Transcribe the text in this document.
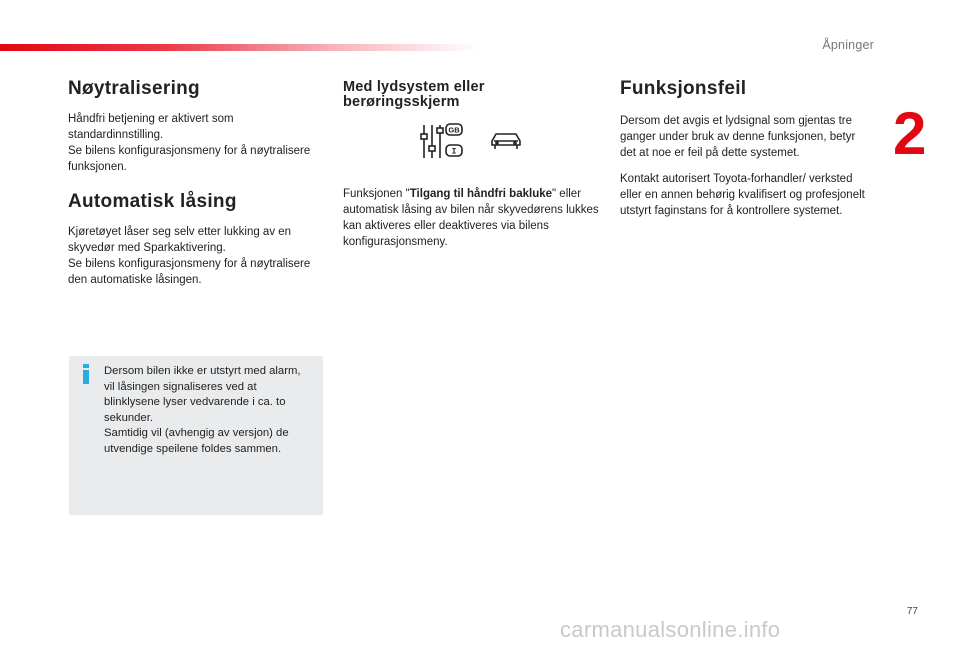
Åpninger
2
Nøytralisering

Håndfri betjening er aktivert som standardinnstilling.

Se bilens konfigurasjonsmeny for å nøytralisere funksjonen.

Automatisk låsing

Kjøretøyet låser seg selv etter lukking av en skyvedør med Sparkaktivering.

Se bilens konfigurasjonsmeny for å nøytralisere den automatiske låsingen.

Med lydsystem eller berøringsskjerm
GB
I

Funksjonen "Tilgang til håndfri bakluke" eller automatisk låsing av bilen når skyvedørens lukkes kan aktiveres eller deaktiveres via bilens konfigurasjonsmeny.

Funksjonsfeil

Dersom det avgis et lydsignal som gjentas tre ganger under bruk av denne funksjonen, betyr det at noe er feil på dette systemet.

Kontakt autorisert Toyota-forhandler/ verksted eller en annen behørig kvalifisert og profesjonelt utstyrt faginstans for å kontrollere systemet.

Dersom bilen ikke er utstyrt med alarm, vil låsingen signaliseres ved at blinklysene lyser vedvarende i ca. to sekunder.
Samtidig vil (avhengig av versjon) de utvendige speilene foldes sammen.
77
carmanualsonline.info
